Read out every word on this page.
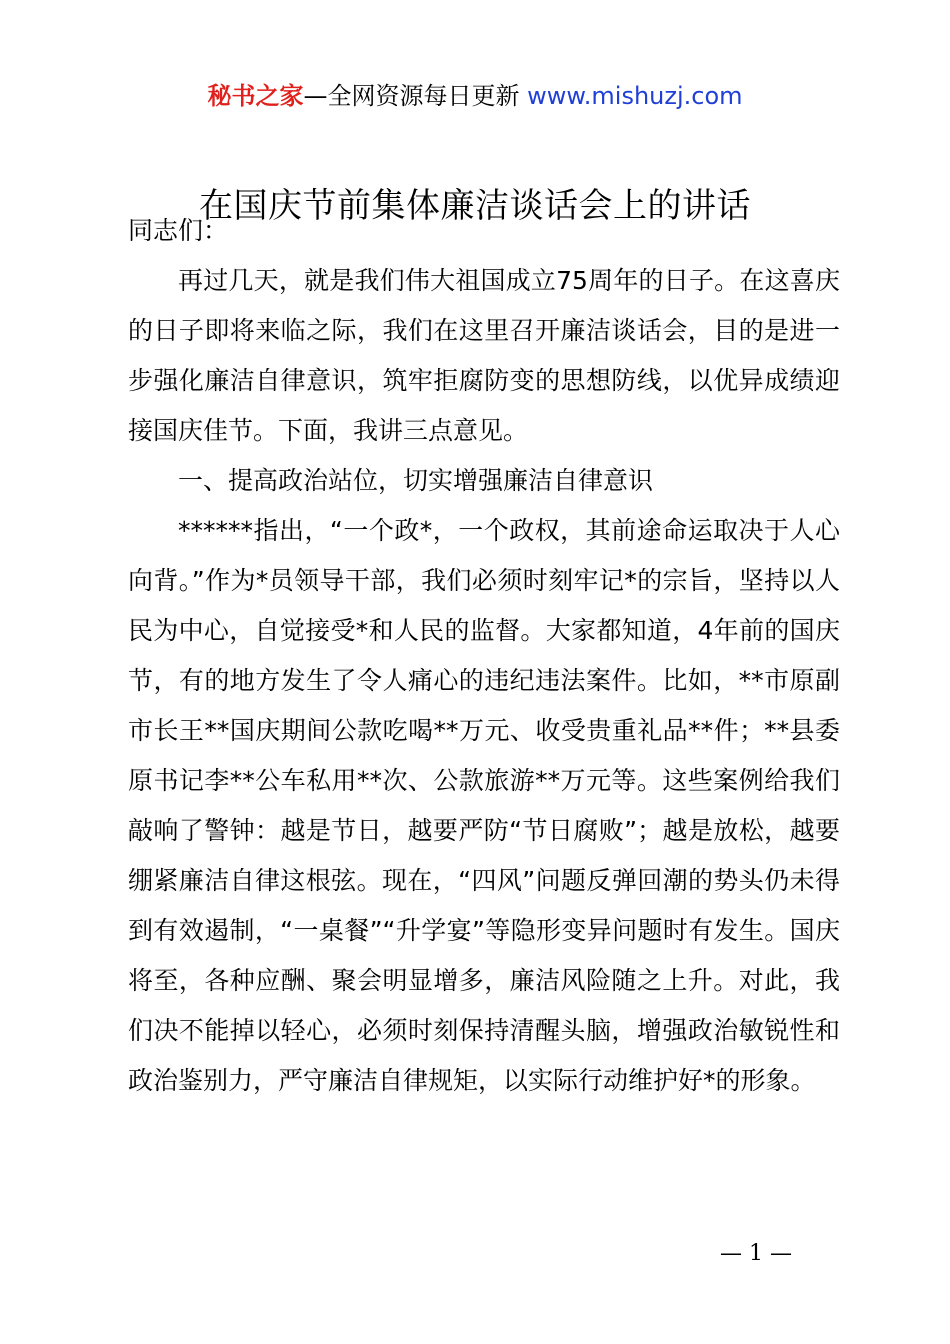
秘书之家—全网资源每日更新 www.mishuzj.com
在国庆节前集体廉洁谈话会上的讲话

同志们：

再过几天，就是我们伟大祖国成立75周年的日子。在这喜庆的日子即将来临之际，我们在这里召开廉洁谈话会，目的是进一步强化廉洁自律意识，筑牢拒腐防变的思想防线，以优异成绩迎接国庆佳节。下面，我讲三点意见。

一、提高政治站位，切实增强廉洁自律意识

******指出，“一个政*，一个政权，其前途命运取决于人心向背。”作为*员领导干部，我们必须时刻牢记*的宗旨，坚持以人民为中心，自觉接受*和人民的监督。大家都知道，4年前的国庆节，有的地方发生了令人痛心的违纪违法案件。比如，**市原副市长王**国庆期间公款吃喝**万元、收受贵重礼品**件；**县委原书记李**公车私用**次、公款旅游**万元等。这些案例给我们敲响了警钟：越是节日，越要严防“节日腐败”；越是放松，越要绷紧廉洁自律这根弦。现在，“四风”问题反弹回潮的势头仍未得到有效遏制，“一桌餐”“升学宴”等隐形变异问题时有发生。国庆将至，各种应酬、聚会明显增多，廉洁风险随之上升。对此，我们决不能掉以轻心，必须时刻保持清醒头脑，增强政治敏锐性和政治鉴别力，严守廉洁自律规矩，以实际行动维护好*的形象。

— 1 —
